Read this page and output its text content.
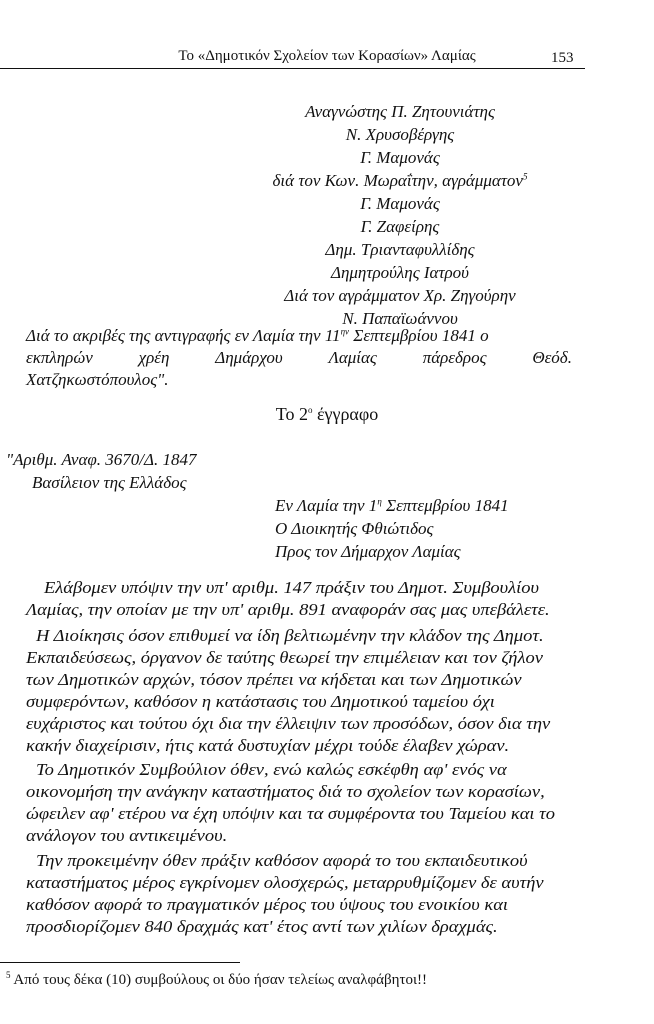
Το «Δημοτικόν Σχολείον των Κορασίων» Λαμίας	153
Αναγνώστης Π. Ζητουνιάτης
Ν. Χρυσοβέργης
Γ. Μαμονάς
διά τον Κων. Μωραΐτην, αγράμματον$^5$
Γ. Μαμονάς
Γ. Ζαφείρης
Δημ. Τριανταφυλλίδης
Δημητρούλης Ιατρού
Διά τον αγράμματον Χρ. Ζηγούρην
Ν. Παπαϊωάννου
Διά το ακριβές της αντιγραφής εν Λαμία την $11^{\eta\nu}$ Σεπτεμβρίου 1841 ο
εκπληρών	χρέη	Δημάρχου	Λαμίας	πάρεδρος	Θεόδ.
Χατζηκωστόπουλος".
Το $2^o$ έγγραφο
"Αριθμ. Αναφ. 3670/Δ. 1847
Βασίλειον της Ελλάδος
Εν Λαμία την $1^\eta$ Σεπτεμβρίου 1841
Ο Διοικητής Φθιώτιδος
Προς τον Δήμαρχον Λαμίας
Ελάβομεν υπόψιν την υπ' αριθμ. 147 πράξιν του Δημοτ. Συμβουλίου
Λαμίας, την οποίαν με την υπ' αριθμ. 891 αναφοράν σας μας υπεβάλετε.
Η Διοίκησις όσον επιθυμεί να ίδη βελτιωμένην την κλάδον της Δημοτ.
Εκπαιδεύσεως, όργανον δε ταύτης θεωρεί την επιμέλειαν και τον ζήλον
των Δημοτικών αρχών, τόσον πρέπει να κήδεται και των Δημοτικών
συμφερόντων, καθόσον η κατάστασις του Δημοτικού ταμείου όχι
ευχάριστος και τούτου όχι δια την έλλειψιν των προσόδων, όσον δια την
κακήν διαχείρισιν, ήτις κατά δυστυχίαν μέχρι τούδε έλαβεν χώραν.
Το Δημοτικόν Συμβούλιον όθεν, ενώ καλώς εσκέφθη αφ' ενός να
οικονομήση την ανάγκην καταστήματος διά το σχολείον των κορασίων,
ώφειλεν αφ' ετέρου να έχη υπόψιν και τα συμφέροντα του Ταμείου και το
ανάλογον του αντικειμένου.
Την προκειμένην όθεν πράξιν καθόσον αφορά το του εκπαιδευτικού
καταστήματος μέρος εγκρίνομεν ολοσχερώς, μεταρρυθμίζομεν δε αυτήν
καθόσον αφορά το πραγματικόν μέρος του ύψους του ενοικίου και
προσδιορίζομεν 840 δραχμάς κατ' έτος αντί των χιλίων δραχμάς.
$^5$ Από τους δέκα (10) συμβούλους οι δύο ήσαν τελείως αναλφάβητοι!!
